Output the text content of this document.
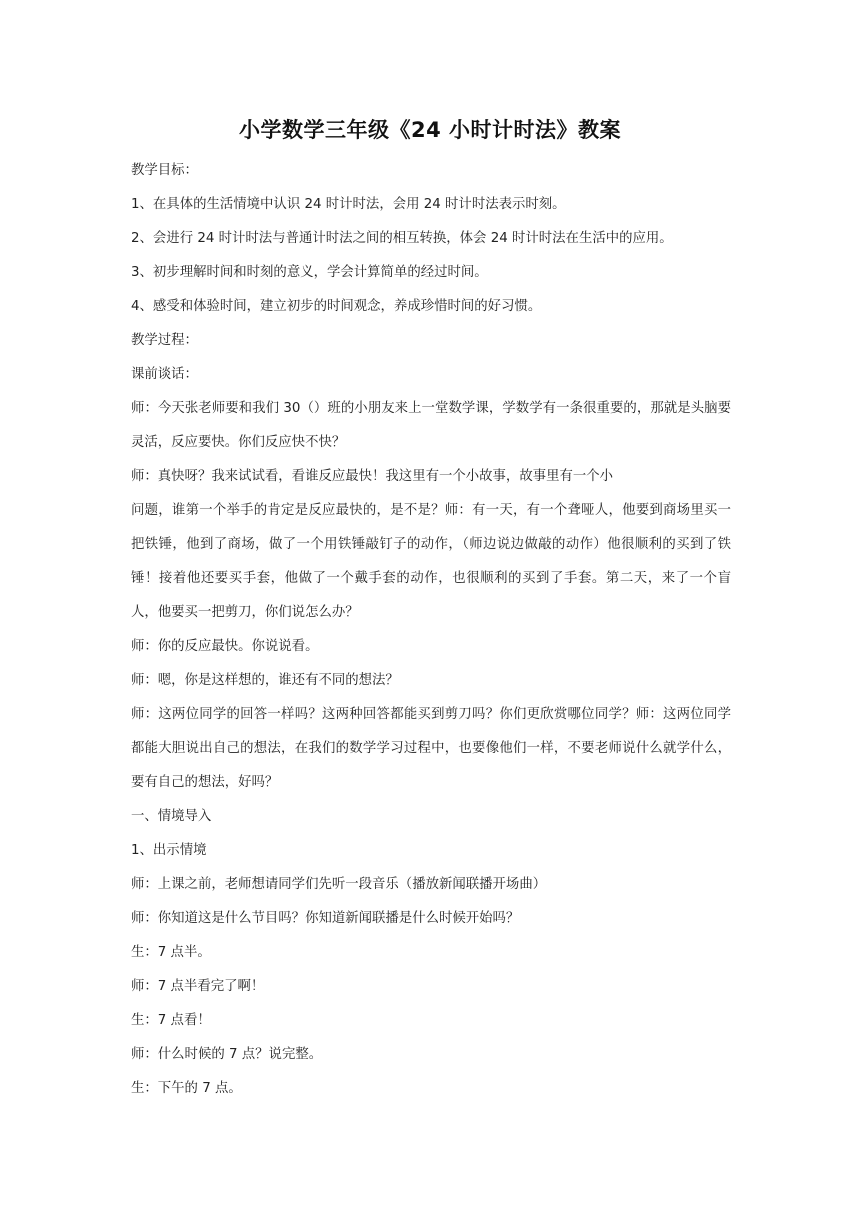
小学数学三年级《24 小时计时法》教案

教学目标：

1、在具体的生活情境中认识 24 时计时法，会用 24 时计时法表示时刻。

2、会进行 24 时计时法与普通计时法之间的相互转换，体会 24 时计时法在生活中的应用。

3、初步理解时间和时刻的意义，学会计算简单的经过时间。

4、感受和体验时间，建立初步的时间观念，养成珍惜时间的好习惯。

教学过程：

课前谈话：

师：今天张老师要和我们 30（）班的小朋友来上一堂数学课，学数学有一条很重要的，那就是头脑要灵活，反应要快。你们反应快不快？

师：真快呀？我来试试看，看谁反应最快！我这里有一个小故事，故事里有一个小

问题，谁第一个举手的肯定是反应最快的，是不是？师：有一天，有一个聋哑人，他要到商场里买一把铁锤，他到了商场，做了一个用铁锤敲钉子的动作，（师边说边做敲的动作）他很顺利的买到了铁锤！接着他还要买手套，他做了一个戴手套的动作，也很顺利的买到了手套。第二天，来了一个盲人，他要买一把剪刀，你们说怎么办？

师：你的反应最快。你说说看。

师：嗯，你是这样想的，谁还有不同的想法？

师：这两位同学的回答一样吗？这两种回答都能买到剪刀吗？你们更欣赏哪位同学？师：这两位同学都能大胆说出自己的想法，在我们的数学学习过程中，也要像他们一样，不要老师说什么就学什么，要有自己的想法，好吗？

一、情境导入

1、出示情境

师：上课之前，老师想请同学们先听一段音乐（播放新闻联播开场曲）

师：你知道这是什么节目吗？你知道新闻联播是什么时候开始吗？

生：7 点半。

师：7 点半看完了啊！

生：7 点看！

师：什么时候的 7 点？说完整。

生：下午的 7 点。
